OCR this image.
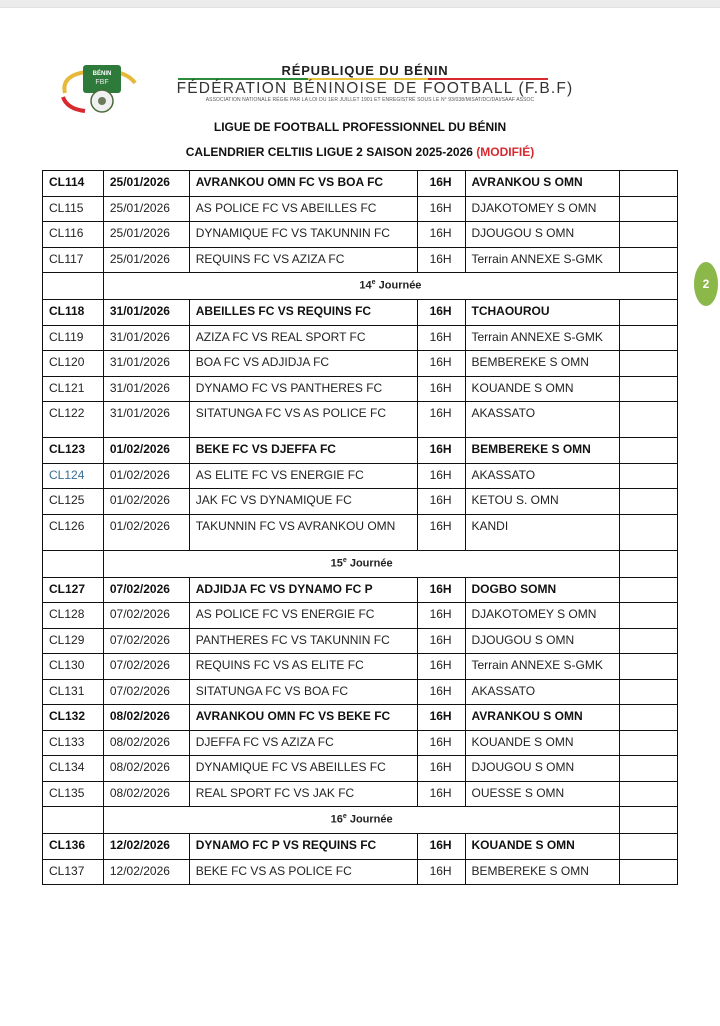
BÉNIN
FBF
RÉPUBLIQUE DU BÉNIN
FÉDÉRATION BÉNINOISE DE FOOTBALL (F.B.F)
ASSOCIATION NATIONALE RÉGIE PAR LA LOI DU 1ER JUILLET 1901 ET ENREGISTRÉ SOUS LE N° 93/038/MISAT/DC/DAI/SAAF ASSOC
LIGUE DE FOOTBALL PROFESSIONNEL DU BÉNIN
CALENDRIER CELTIIS LIGUE 2 SAISON 2025-2026 (MODIFIÉ)
2
CL114	25/01/2026	AVRANKOU OMN FC VS BOA FC	16H	AVRANKOU S OMN	
CL115	25/01/2026	AS POLICE FC VS ABEILLES FC	16H	DJAKOTOMEY S OMN	
CL116	25/01/2026	DYNAMIQUE FC VS TAKUNNIN FC	16H	DJOUGOU S OMN	
CL117	25/01/2026	REQUINS FC VS AZIZA FC	16H	Terrain ANNEXE S-GMK	
	14e Journée				
CL118	31/01/2026	ABEILLES FC VS REQUINS FC	16H	TCHAOUROU	
CL119	31/01/2026	AZIZA FC VS REAL SPORT FC	16H	Terrain ANNEXE S-GMK	
CL120	31/01/2026	BOA FC VS ADJIDJA FC	16H	BEMBEREKE S OMN	
CL121	31/01/2026	DYNAMO FC VS PANTHERES FC	16H	KOUANDE S OMN	
CL122	31/01/2026	SITATUNGA FC VS AS POLICE FC	16H	AKASSATO	
CL123	01/02/2026	BEKE FC VS DJEFFA FC	16H	BEMBEREKE S OMN	
CL124	01/02/2026	AS ELITE FC VS ENERGIE FC	16H	AKASSATO	
CL125	01/02/2026	JAK FC VS DYNAMIQUE FC	16H	KETOU S. OMN	
CL126	01/02/2026	TAKUNNIN FC VS AVRANKOU OMN	16H	KANDI	
	15e Journée				
CL127	07/02/2026	ADJIDJA FC VS DYNAMO FC P	16H	DOGBO SOMN	
CL128	07/02/2026	AS POLICE FC VS ENERGIE FC	16H	DJAKOTOMEY S OMN	
CL129	07/02/2026	PANTHERES FC VS TAKUNNIN FC	16H	DJOUGOU S OMN	
CL130	07/02/2026	REQUINS FC VS AS ELITE FC	16H	Terrain ANNEXE S-GMK	
CL131	07/02/2026	SITATUNGA FC VS BOA FC	16H	AKASSATO	
CL132	08/02/2026	AVRANKOU OMN FC VS BEKE FC	16H	AVRANKOU S OMN	
CL133	08/02/2026	DJEFFA FC VS AZIZA FC	16H	KOUANDE S OMN	
CL134	08/02/2026	DYNAMIQUE FC VS ABEILLES FC	16H	DJOUGOU S OMN	
CL135	08/02/2026	REAL SPORT FC VS JAK FC	16H	OUESSE S OMN	
	16e Journée				
CL136	12/02/2026	DYNAMO FC P VS REQUINS FC	16H	KOUANDE S OMN	
CL137	12/02/2026	BEKE FC VS AS POLICE FC	16H	BEMBEREKE S OMN	
